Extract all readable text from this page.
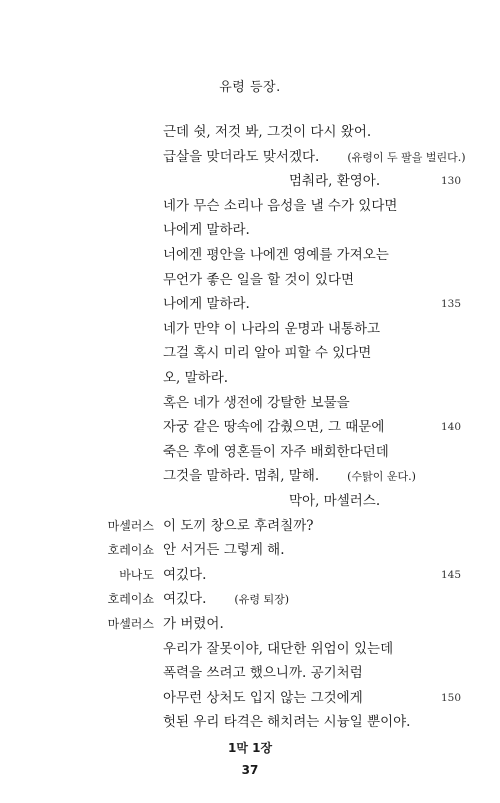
유령 등장.
근데 쉿, 저것 봐, 그것이 다시 왔어.
급살을 맞더라도 맞서겠다.	(유령이 두 팔을 벌린다.)
멈춰라, 환영아.	130
네가 무슨 소리나 음성을 낼 수가 있다면
나에게 말하라.
너에겐 평안을 나에겐 영예를 가져오는
무언가 좋은 일을 할 것이 있다면
나에게 말하라.	135
네가 만약 이 나라의 운명과 내통하고
그걸 혹시 미리 알아 피할 수 있다면
오, 말하라.
혹은 네가 생전에 강탈한 보물을
자궁 같은 땅속에 감췄으면, 그 때문에	140
죽은 후에 영혼들이 자주 배회한다던데
그것을 말하라. 멈춰, 말해.	(수탉이 운다.)
막아, 마셀러스.
마셀러스 이 도끼 창으로 후려칠까?
호레이쇼 안 서거든 그렇게 해.
바나도 여깄다.	145
호레이쇼 여깄다.	(유령 퇴장)
마셀러스 가 버렸어.
우리가 잘못이야, 대단한 위엄이 있는데
폭력을 쓰려고 했으니까. 공기처럼
아무런 상처도 입지 않는 그것에게	150
헛된 우리 타격은 해치려는 시늉일 뿐이야.
1막 1장
37
